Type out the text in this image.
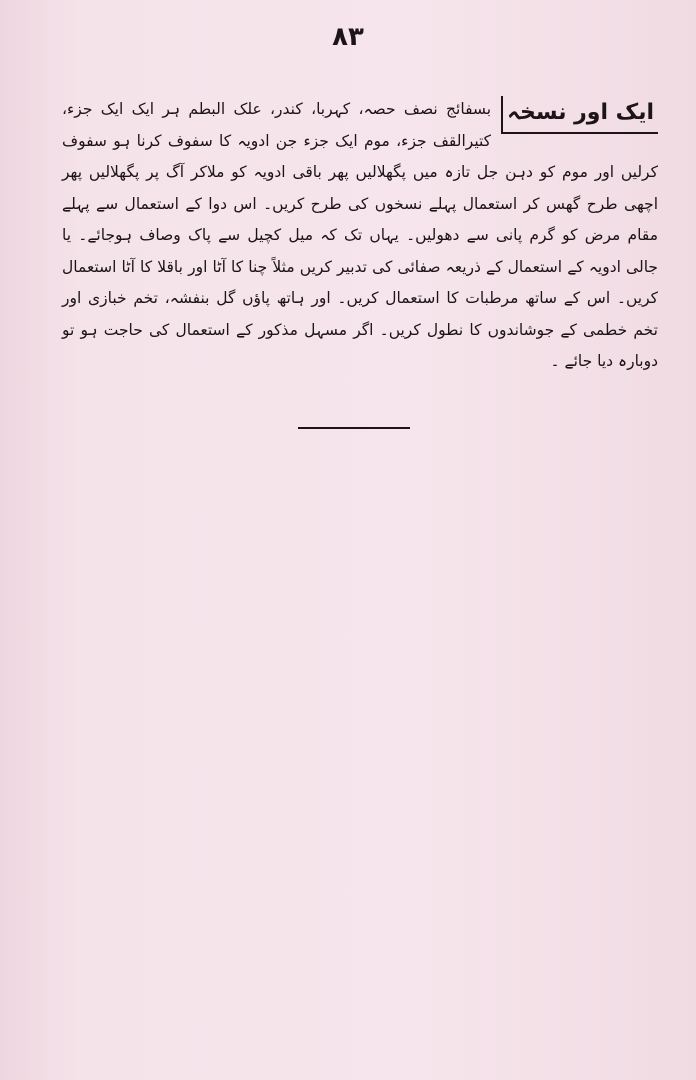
۸۳
ایک اور نسخہ
بسفائج نصف حصہ، کہربا، کندر، علک البطم ہر ایک ایک جزء، کتیرالقف جزء، موم ایک جزء جن ادویہ کا سفوف کرنا ہو سفوف کرلیں اور موم کو دہن جل تازہ میں پگھلالیں پھر باقی ادویہ کو ملاکر آگ پر پگھلالیں پھر اچھی طرح گھس کر استعمال پہلے نسخوں کی طرح کریں۔ اس دوا کے استعمال سے پہلے مقام مرض کو گرم پانی سے دھولیں۔ یہاں تک کہ میل کچیل سے پاک وصاف ہوجائے۔ یا جالی ادویہ کے استعمال کے ذریعہ صفائی کی تدبیر کریں مثلاً چنا کا آٹا اور باقلا کا آٹا استعمال کریں۔ اس کے ساتھ مرطبات کا استعمال کریں۔ اور ہاتھ پاؤں گل بنفشہ، تخم خبازی اور تخم خطمی کے جوشاندوں کا نطول کریں۔ اگر مسہل مذکور کے استعمال کی حاجت ہو تو دوبارہ دیا جائے ۔
